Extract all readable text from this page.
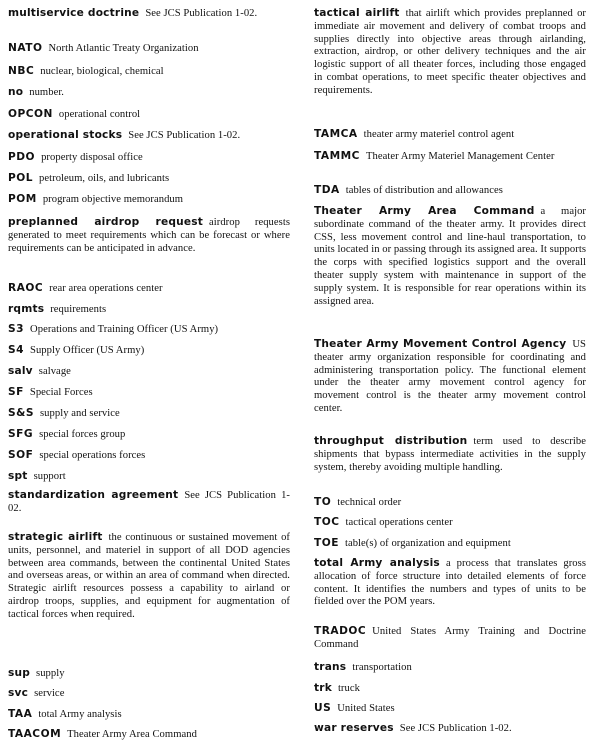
multiservice doctrine See JCS Publication 1-02.
NATO North Atlantic Treaty Organization
NBC nuclear, biological, chemical
no number.
OPCON operational control
operational stocks See JCS Publication 1-02.
PDO property disposal office
POL petroleum, oils, and lubricants
POM program objective memorandum
preplanned airdrop request airdrop requests generated to meet requirements which can be forecast or where requirements can be anticipated in advance.
RAOC rear area operations center
rqmts requirements
S3 Operations and Training Officer (US Army)
S4 Supply Officer (US Army)
salv salvage
SF Special Forces
S&S supply and service
SFG special forces group
SOF special operations forces
spt support
standardization agreement See JCS Publication 1-02.
strategic airlift the continuous or sustained movement of units, personnel, and materiel in support of all DOD agencies between area commands, between the continental United States and overseas areas, or within an area of command when directed. Strategic airlift resources possess a capability to airland or airdrop troops, supplies, and equipment for augmentation of tactical forces when required.
sup supply
svc service
TAA total Army analysis
TAACOM Theater Army Area Command
tactical airlift that airlift which provides preplanned or immediate air movement and delivery of combat troops and supplies directly into objective areas through airlanding, extraction, airdrop, or other delivery techniques and the air logistic support of all theater forces, including those engaged in combat operations, to meet specific theater objectives and requirements.
TAMCA theater army materiel control agent
TAMMC Theater Army Materiel Management Center
TDA tables of distribution and allowances
Theater Army Area Command a major subordinate command of the theater army. It provides direct CSS, less movement control and line-haul transportation, to units located in or passing through its assigned area. It supports the corps with specified logistics support and the overall theater supply system with maintenance in support of the supply system. It is responsible for rear operations within its assigned area.
Theater Army Movement Control Agency US theater army organization responsible for coordinating and administering transportation policy. The functional element under the theater army movement control agency for movement control is the theater army movement control center.
throughput distribution term used to describe shipments that bypass intermediate activities in the supply system, thereby avoiding multiple handling.
TO technical order
TOC tactical operations center
TOE table(s) of organization and equipment
total Army analysis a process that translates gross allocation of force structure into detailed elements of force content. It identifies the numbers and types of units to be fielded over the POM years.
TRADOC United States Army Training and Doctrine Command
trans transportation
trk truck
US United States
war reserves See JCS Publication 1-02.
